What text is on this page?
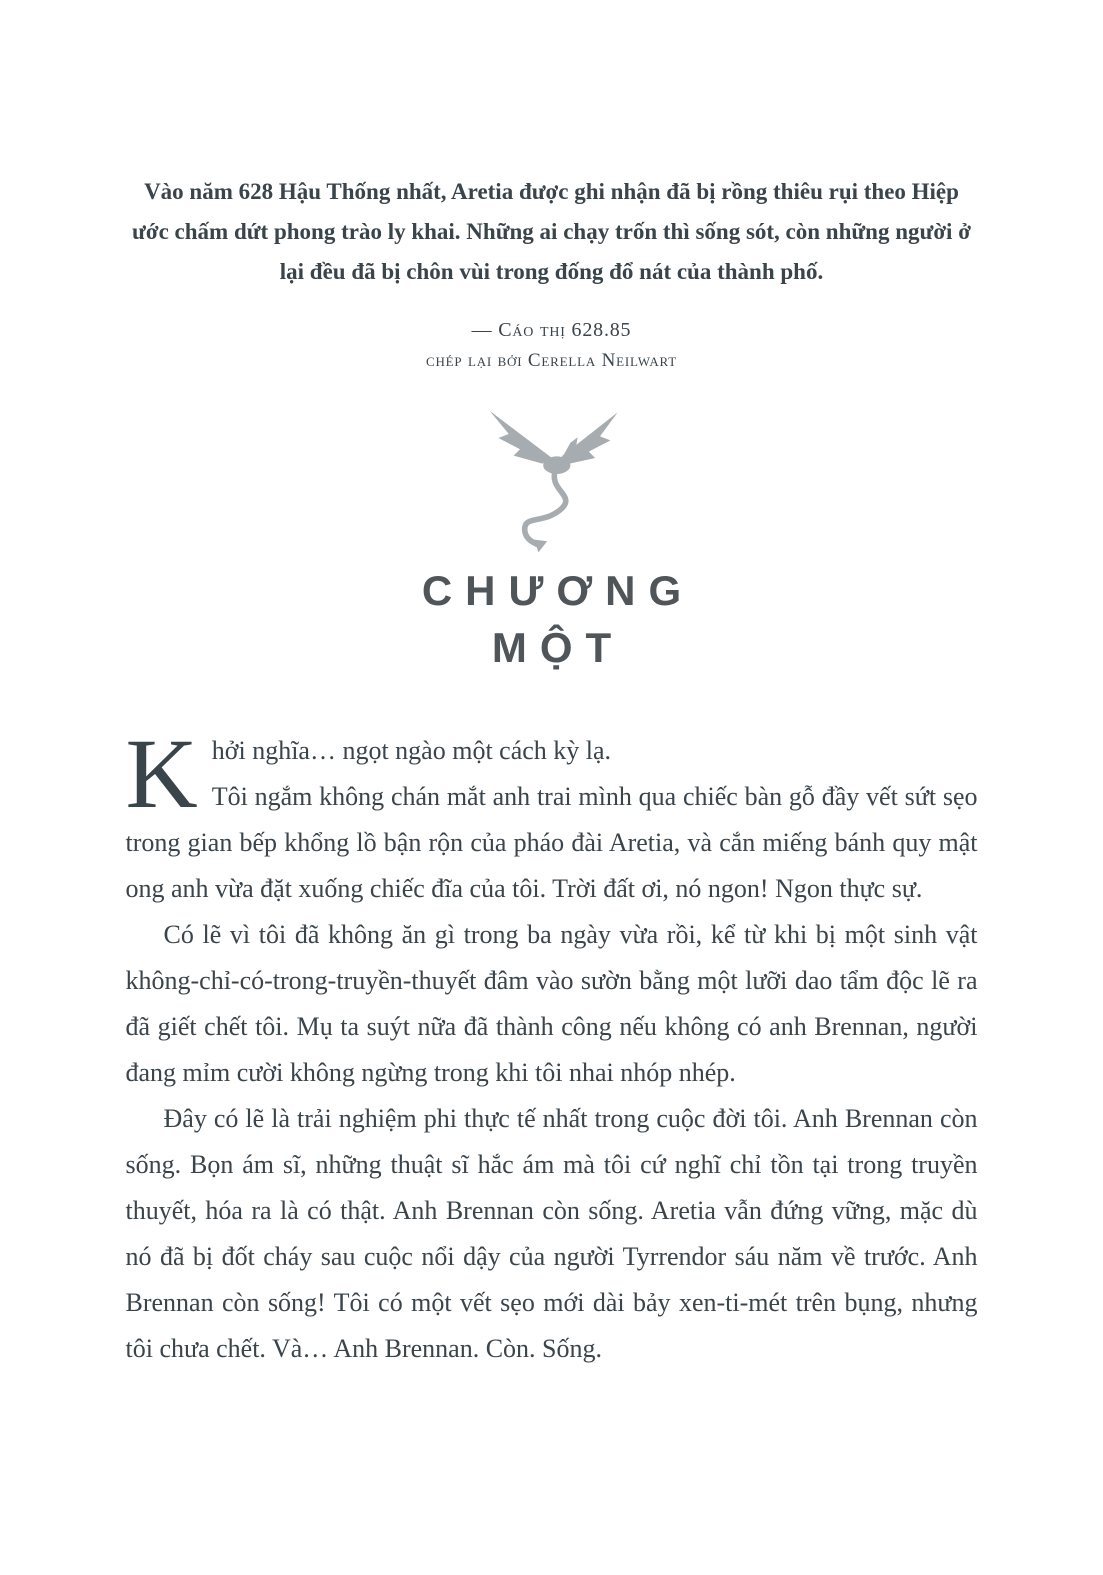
Vào năm 628 Hậu Thống nhất, Aretia được ghi nhận đã bị rồng thiêu rụi theo Hiệp ước chấm dứt phong trào ly khai. Những ai chạy trốn thì sống sót, còn những người ở lại đều đã bị chôn vùi trong đống đổ nát của thành phố.

— Cáo thị 628.85
chép lại bởi Cerella Neilwart
CHƯƠNG
MỘT
K hởi nghĩa… ngọt ngào một cách kỳ lạ.

Tôi ngắm không chán mắt anh trai mình qua chiếc bàn gỗ đầy vết sứt sẹo trong gian bếp khổng lồ bận rộn của pháo đài Aretia, và cắn miếng bánh quy mật ong anh vừa đặt xuống chiếc đĩa của tôi. Trời đất ơi, nó ngon! Ngon thực sự.

Có lẽ vì tôi đã không ăn gì trong ba ngày vừa rồi, kể từ khi bị một sinh vật không-chỉ-có-trong-truyền-thuyết đâm vào sườn bằng một lưỡi dao tẩm độc lẽ ra đã giết chết tôi. Mụ ta suýt nữa đã thành công nếu không có anh Brennan, người đang mỉm cười không ngừng trong khi tôi nhai nhóp nhép.

Đây có lẽ là trải nghiệm phi thực tế nhất trong cuộc đời tôi. Anh Brennan còn sống. Bọn ám sĩ, những thuật sĩ hắc ám mà tôi cứ nghĩ chỉ tồn tại trong truyền thuyết, hóa ra là có thật. Anh Brennan còn sống. Aretia vẫn đứng vững, mặc dù nó đã bị đốt cháy sau cuộc nổi dậy của người Tyrrendor sáu năm về trước. Anh Brennan còn sống! Tôi có một vết sẹo mới dài bảy xen-ti-mét trên bụng, nhưng tôi chưa chết. Và… Anh Brennan. Còn. Sống.
